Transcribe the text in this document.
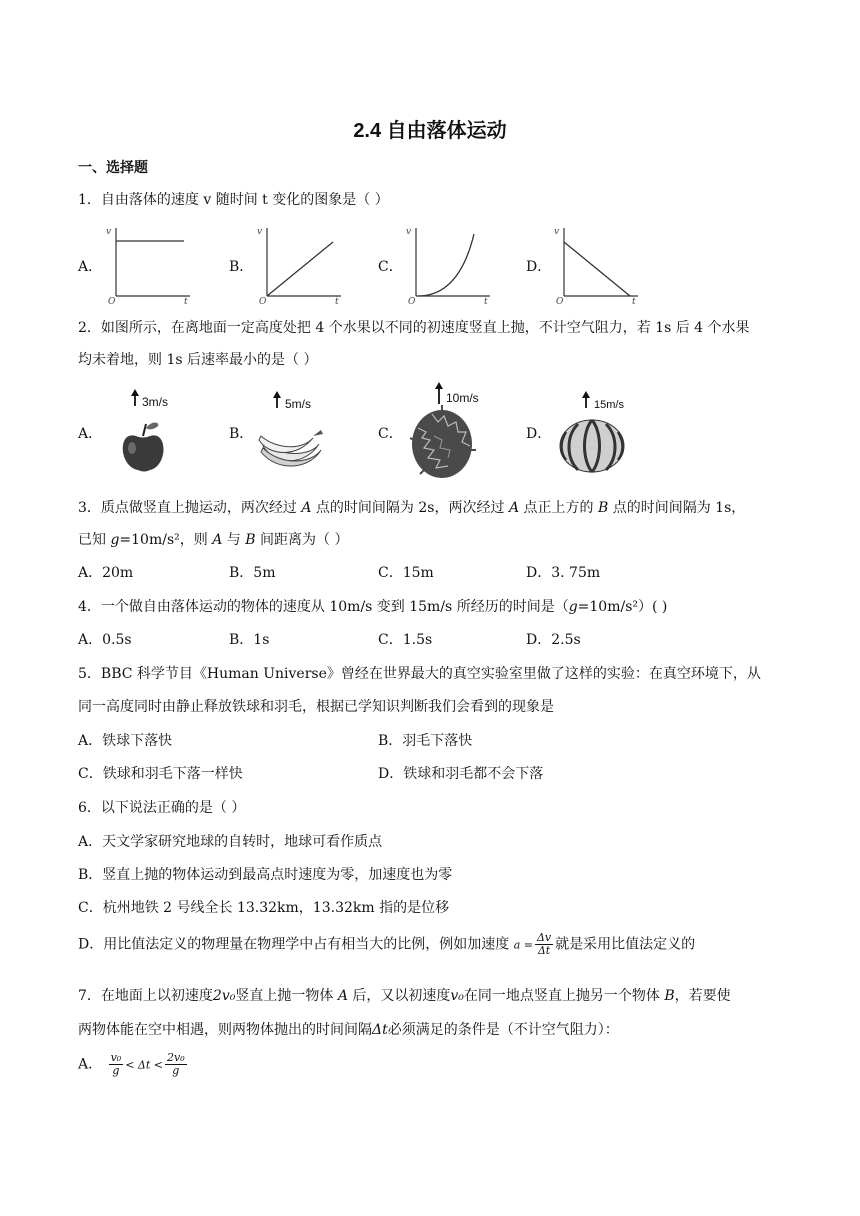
2.4 自由落体运动
一、选择题
1．自由落体的速度 v 随时间 t 变化的图象是（ ）
A．
v
O	t
B．
v
O	t
C．
v
O	t
D．
v
O	t
2．如图所示，在离地面一定高度处把 4 个水果以不同的初速度竖直上抛，不计空气阻力，若 1s 后 4 个水果
均未着地，则 1s 后速率最小的是（ ）
A．
3m/s
B．
5m/s
C．
10m/s
D．
15m/s
3．质点做竖直上抛运动，两次经过 A 点的时间间隔为 2s，两次经过 A 点正上方的 B 点的时间间隔为 1s，
已知 g=10m/s²，则 A 与 B 间距离为（ ）
A．20m	B．5m	C．15m	D．3. 75m
4．一个做自由落体运动的物体的速度从 10m/s 变到 15m/s 所经历的时间是（g=10m/s²）( )
A．0.5s	B．1s	C．1.5s	D．2.5s
5．BBC 科学节目《Human Universe》曾经在世界最大的真空实验室里做了这样的实验：在真空环境下，从
同一高度同时由静止释放铁球和羽毛，根据已学知识判断我们会看到的现象是
A．铁球下落快	B．羽毛下落快
C．铁球和羽毛下落一样快	D．铁球和羽毛都不会下落
6．以下说法正确的是（ ）
A．天文学家研究地球的自转时，地球可看作质点
B．竖直上抛的物体运动到最高点时速度为零，加速度也为零
C．杭州地铁 2 号线全长 13.32km，13.32km 指的是位移
D．用比值法定义的物理量在物理学中占有相当大的比例，例如加速度 $a = \frac{\Delta v}{\Delta t}$ 就是采用比值法定义的
7．在地面上以初速度2v₀竖直上抛一物体 A 后，又以初速度v₀在同一地点竖直上抛另一个物体 B，若要使
两物体能在空中相遇，则两物体抛出的时间间隔Δt必须满足的条件是（不计空气阻力）：
A． $\frac{\text{v₀}}{g} < \Delta t < \frac{\text{2v₀}}{g}$
